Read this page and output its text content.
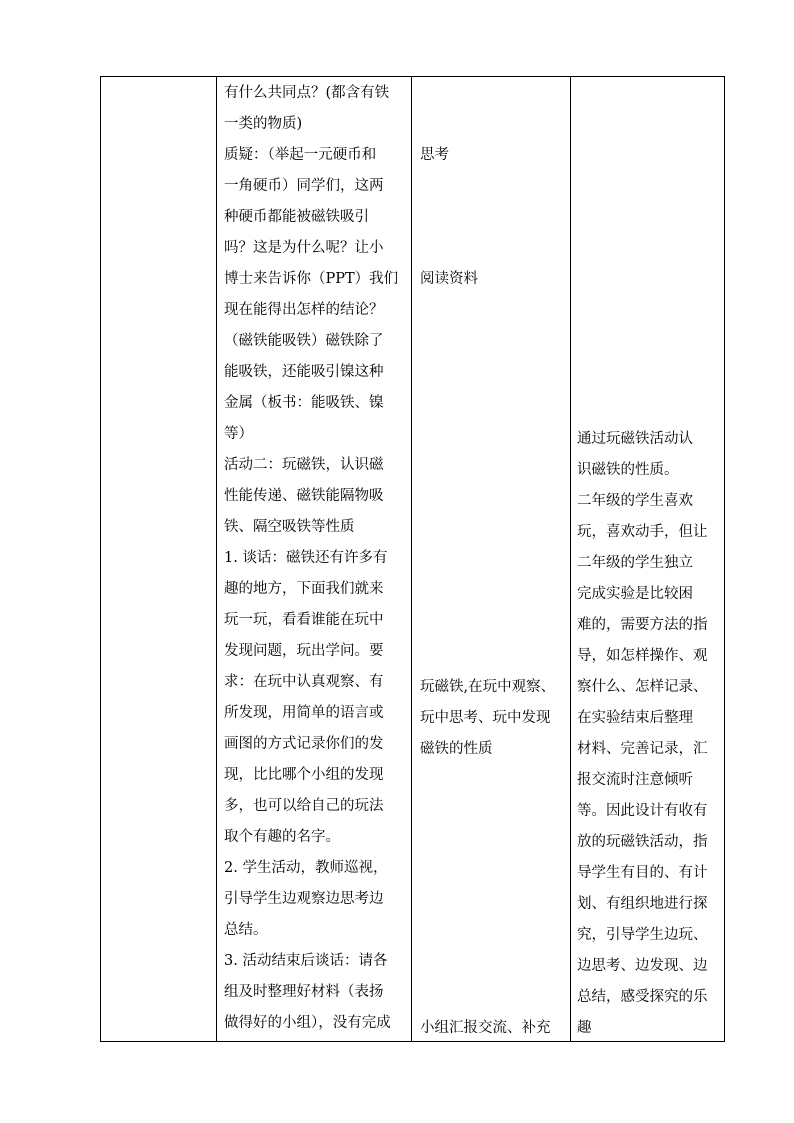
有什么共同点？(都含有铁
一类的物质)
质疑：（举起一元硬币和
一角硬币）同学们，这两
种硬币都能被磁铁吸引
吗？这是为什么呢？让小
博士来告诉你（PPT）我们
现在能得出怎样的结论？
（磁铁能吸铁）磁铁除了
能吸铁，还能吸引镍这种
金属（板书：能吸铁、镍
等）
活动二：玩磁铁，认识磁
性能传递、磁铁能隔物吸
铁、隔空吸铁等性质
1. 谈话：磁铁还有许多有
趣的地方，下面我们就来
玩一玩，看看谁能在玩中
发现问题，玩出学问。要
求：在玩中认真观察、有
所发现，用简单的语言或
画图的方式记录你们的发
现，比比哪个小组的发现
多，也可以给自己的玩法
取个有趣的名字。
2. 学生活动，教师巡视，
引导学生边观察边思考边
总结。
3. 活动结束后谈话：请各
组及时整理好材料（表扬
做得好的小组），没有完成
思考
阅读资料
玩磁铁,在玩中观察、
玩中思考、玩中发现
磁铁的性质
小组汇报交流、补充
通过玩磁铁活动认
识磁铁的性质。
二年级的学生喜欢
玩，喜欢动手，但让
二年级的学生独立
完成实验是比较困
难的，需要方法的指
导，如怎样操作、观
察什么、怎样记录、
在实验结束后整理
材料、完善记录，汇
报交流时注意倾听
等。因此设计有收有
放的玩磁铁活动，指
导学生有目的、有计
划、有组织地进行探
究，引导学生边玩、
边思考、边发现、边
总结，感受探究的乐
趣
